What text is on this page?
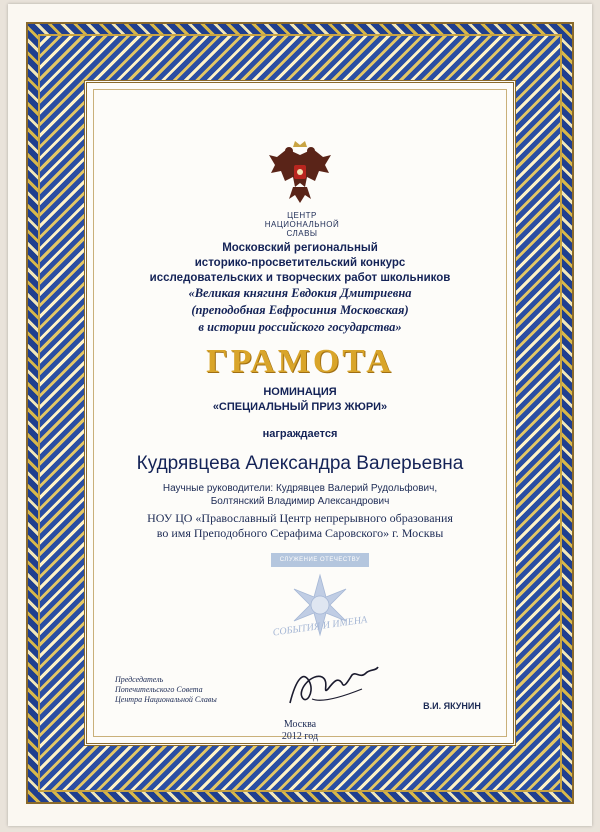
ЦЕНТР
НАЦИОНАЛЬНОЙ
СЛАВЫ
Московский региональный
историко-просветительский конкурс
исследовательских и творческих работ школьников
«Великая княгиня Евдокия Дмитриевна
(преподобная Евфросиния Московская)
в истории российского государства»
ГРАМОТА
НОМИНАЦИЯ
«СПЕЦИАЛЬНЫЙ ПРИЗ ЖЮРИ»
награждается
Кудрявцева Александра Валерьевна
Научные руководители: Кудрявцев Валерий Рудольфович,
Болтянский Владимир Александрович
НОУ ЦО «Православный Центр непрерывного образования
во имя Преподобного Серафима Саровского» г. Москвы
СЛУЖЕНИЕ ОТЕЧЕСТВУ
СОБЫТИЯ И ИМЕНА
Председатель
Попечительского Совета
Центра Национальной Славы
В.И. ЯКУНИН
Москва
2012 год
